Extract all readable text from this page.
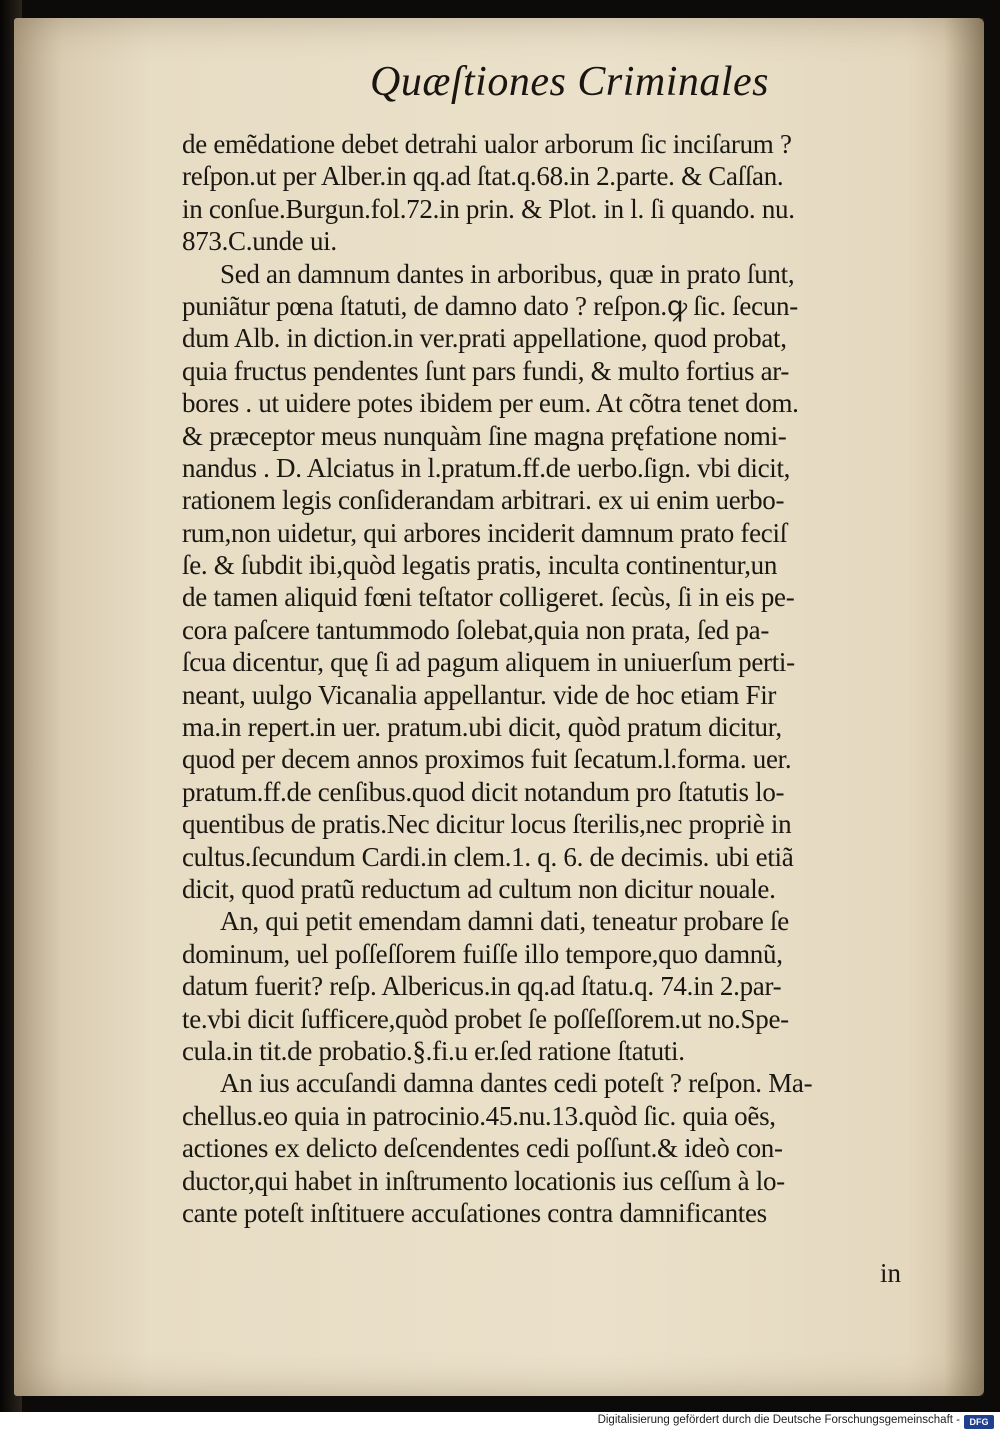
Quæſtiones Criminales
de emẽdatione debet detrahi ualor arborum ſic inciſarum ?
reſpon.ut per Alber.in qq.ad ſtat.q.68.in 2.parte. & Caſſan.
in conſue.Burgun.fol.72.in prin. & Plot. in l. ſi quando. nu.
873.C.unde ui.
Sed an damnum dantes in arboribus, quæ in prato ſunt,
puniãtur pœna ſtatuti, de damno dato ? reſpon.ꝙ ſic. ſecun-
dum Alb. in diction.in ver.prati appellatione, quod probat,
quia fructus pendentes ſunt pars fundi, & multo fortius ar-
bores . ut uidere potes ibidem per eum. At cõtra tenet dom.
& præceptor meus nunquàm ſine magna pręfatione nomi-
nandus . D. Alciatus in l.pratum.ff.de uerbo.ſign. vbi dicit,
rationem legis conſiderandam arbitrari. ex ui enim uerbo-
rum,non uidetur, qui arbores inciderit damnum prato feciſ
ſe. & ſubdit ibi,quòd legatis pratis, inculta continentur,un
de tamen aliquid fœni teſtator colligeret. ſecùs, ſi in eis pe-
cora paſcere tantummodo ſolebat,quia non prata, ſed pa-
ſcua dicentur, quę ſi ad pagum aliquem in uniuerſum perti-
neant, uulgo Vicanalia appellantur. vide de hoc etiam Fir
ma.in repert.in uer. pratum.ubi dicit, quòd pratum dicitur,
quod per decem annos proximos fuit ſecatum.l.forma. uer.
pratum.ff.de cenſibus.quod dicit notandum pro ſtatutis lo-
quentibus de pratis.Nec dicitur locus ſterilis,nec propriè in
cultus.ſecundum Cardi.in clem.1. q. 6. de decimis. ubi etiã
dicit, quod pratũ reductum ad cultum non dicitur nouale.
An, qui petit emendam damni dati, teneatur probare ſe
dominum, uel poſſeſſorem fuiſſe illo tempore,quo damnũ,
datum fuerit? reſp. Albericus.in qq.ad ſtatu.q. 74.in 2.par-
te.vbi dicit ſufficere,quòd probet ſe poſſeſſorem.ut no.Spe-
cula.in tit.de probatio.§.fi.u er.ſed ratione ſtatuti.
An ius accuſandi damna dantes cedi poteſt ? reſpon. Ma-
chellus.eo quia in patrocinio.45.nu.13.quòd ſic. quia oẽs,
actiones ex delicto deſcendentes cedi poſſunt.& ideò con-
ductor,qui habet in inſtrumento locationis ius ceſſum à lo-
cante poteſt inſtituere accuſationes contra damnificantes
in
Digitalisierung gefördert durch die Deutsche Forschungsgemeinschaft -	DFG
